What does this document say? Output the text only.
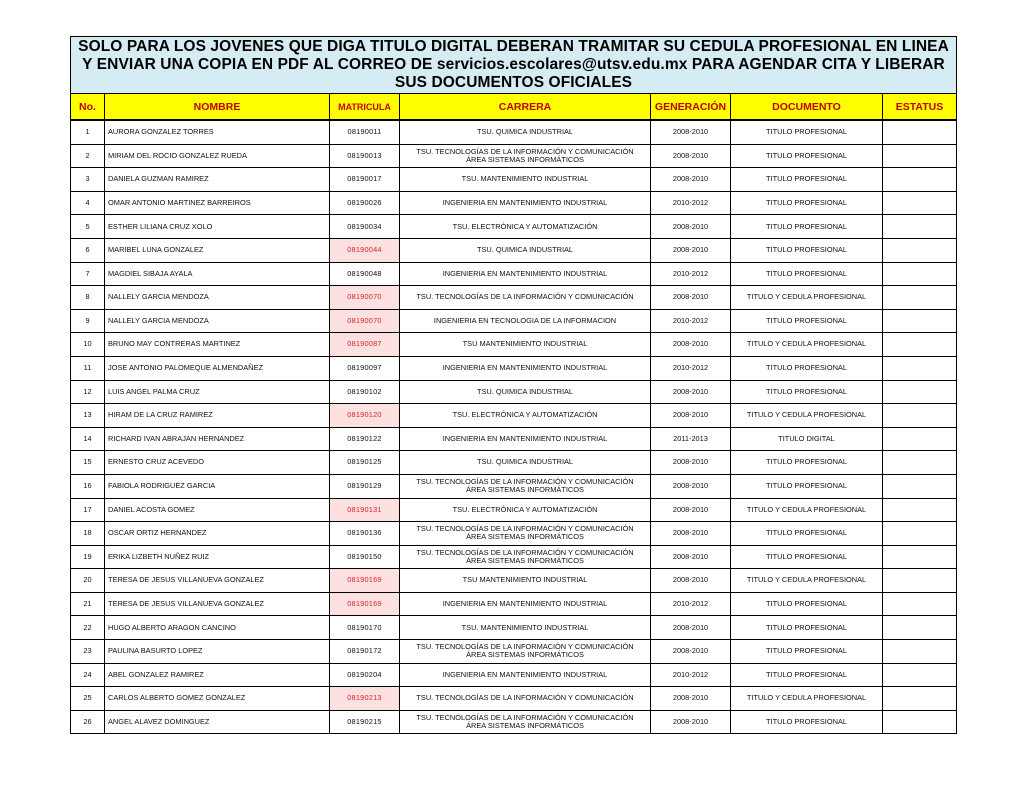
SOLO PARA LOS JOVENES QUE DIGA TITULO DIGITAL DEBERAN TRAMITAR SU CEDULA PROFESIONAL EN LINEA Y ENVIAR UNA COPIA EN PDF AL CORREO DE servicios.escolares@utsv.edu.mx PARA AGENDAR CITA Y LIBERAR SUS DOCUMENTOS OFICIALES						
No.	NOMBRE	MATRICULA	CARRERA	GENERACIÓN	DOCUMENTO	ESTATUS
1	AURORA GONZALEZ TORRES	08190011	TSU. QUIMICA INDUSTRIAL	2008-2010	TITULO PROFESIONAL	
2	MIRIAM DEL ROCIO GONZALEZ RUEDA	08190013	TSU. TECNOLOGÍAS DE LA INFORMACIÓN Y COMUNICACIÓN ÁREA SISTEMAS INFORMÁTICOS	2008-2010	TITULO PROFESIONAL	
3	DANIELA GUZMAN RAMIREZ	08190017	TSU. MANTENIMIENTO INDUSTRIAL	2008-2010	TITULO PROFESIONAL	
4	OMAR ANTONIO MARTINEZ BARREIROS	08190026	INGENIERIA EN MANTENIMIENTO INDUSTRIAL	2010-2012	TITULO PROFESIONAL	
5	ESTHER LILIANA CRUZ XOLO	08190034	TSU. ELECTRÓNICA Y AUTOMATIZACIÓN	2008-2010	TITULO PROFESIONAL	
6	MARIBEL LUNA GONZALEZ	08190044	TSU. QUIMICA INDUSTRIAL	2008-2010	TITULO PROFESIONAL	
7	MAGDIEL SIBAJA AYALA	08190048	INGENIERIA EN MANTENIMIENTO INDUSTRIAL	2010-2012	TITULO PROFESIONAL	
8	NALLELY GARCIA MENDOZA	08190070	TSU. TECNOLOGÍAS DE LA INFORMACIÓN Y COMUNICACIÓN	2008-2010	TITULO Y CEDULA PROFESIONAL	
9	NALLELY GARCIA MENDOZA	08190070	INGENIERIA EN TECNOLOGIA DE LA INFORMACION	2010-2012	TITULO PROFESIONAL	
10	BRUNO MAY CONTRERAS MARTINEZ	08190087	TSU MANTENIMIENTO INDUSTRIAL	2008-2010	TITULO Y CEDULA PROFESIONAL	
11	JOSE ANTONIO PALOMEQUE ALMENDAÑEZ	08190097	INGENIERIA EN MANTENIMIENTO INDUSTRIAL	2010-2012	TITULO PROFESIONAL	
12	LUIS ANGEL PALMA CRUZ	08190102	TSU. QUIMICA INDUSTRIAL	2008-2010	TITULO PROFESIONAL	
13	HIRAM DE LA CRUZ RAMIREZ	08190120	TSU. ELECTRÓNICA Y AUTOMATIZACIÓN	2008-2010	TITULO Y CEDULA PROFESIONAL	
14	RICHARD IVAN ABRAJAN HERNANDEZ	08190122	INGENIERIA EN MANTENIMIENTO INDUSTRIAL	2011-2013	TITULO DIGITAL	
15	ERNESTO CRUZ ACEVEDO	08190125	TSU. QUIMICA INDUSTRIAL	2008-2010	TITULO PROFESIONAL	
16	FABIOLA RODRIGUEZ GARCIA	08190129	TSU. TECNOLOGÍAS DE LA INFORMACIÓN Y COMUNICACIÓN ÁREA SISTEMAS INFORMÁTICOS	2008-2010	TITULO PROFESIONAL	
17	DANIEL ACOSTA GOMEZ	08190131	TSU. ELECTRÓNICA Y AUTOMATIZACIÓN	2008-2010	TITULO Y CEDULA PROFESIONAL	
18	OSCAR ORTIZ HERNANDEZ	08190136	TSU. TECNOLOGÍAS DE LA INFORMACIÓN Y COMUNICACIÓN ÁREA SISTEMAS INFORMÁTICOS	2008-2010	TITULO PROFESIONAL	
19	ERIKA LIZBETH NUÑEZ RUIZ	08190150	TSU. TECNOLOGÍAS DE LA INFORMACIÓN Y COMUNICACIÓN ÁREA SISTEMAS INFORMÁTICOS	2008-2010	TITULO PROFESIONAL	
20	TERESA DE JESUS VILLANUEVA GONZALEZ	08190169	TSU MANTENIMIENTO INDUSTRIAL	2008-2010	TITULO Y CEDULA PROFESIONAL	
21	TERESA DE JESUS VILLANUEVA GONZALEZ	08190169	INGENIERIA EN MANTENIMIENTO INDUSTRIAL	2010-2012	TITULO PROFESIONAL	
22	HUGO ALBERTO ARAGON CANCINO	08190170	TSU. MANTENIMIENTO INDUSTRIAL	2008-2010	TITULO PROFESIONAL	
23	PAULINA BASURTO LOPEZ	08190172	TSU. TECNOLOGÍAS DE LA INFORMACIÓN Y COMUNICACIÓN ÁREA SISTEMAS INFORMÁTICOS	2008-2010	TITULO PROFESIONAL	
24	ABEL GONZALEZ RAMIREZ	08190204	INGENIERIA EN MANTENIMIENTO INDUSTRIAL	2010-2012	TITULO PROFESIONAL	
25	CARLOS ALBERTO GOMEZ GONZALEZ	08190213	TSU. TECNOLOGÍAS DE LA INFORMACIÓN Y COMUNICACIÓN	2008-2010	TITULO Y CEDULA PROFESIONAL	
26	ANGEL ALAVEZ DOMINGUEZ	08190215	TSU. TECNOLOGÍAS DE LA INFORMACIÓN Y COMUNICACIÓN ÁREA SISTEMAS INFORMÁTICOS	2008-2010	TITULO PROFESIONAL	
